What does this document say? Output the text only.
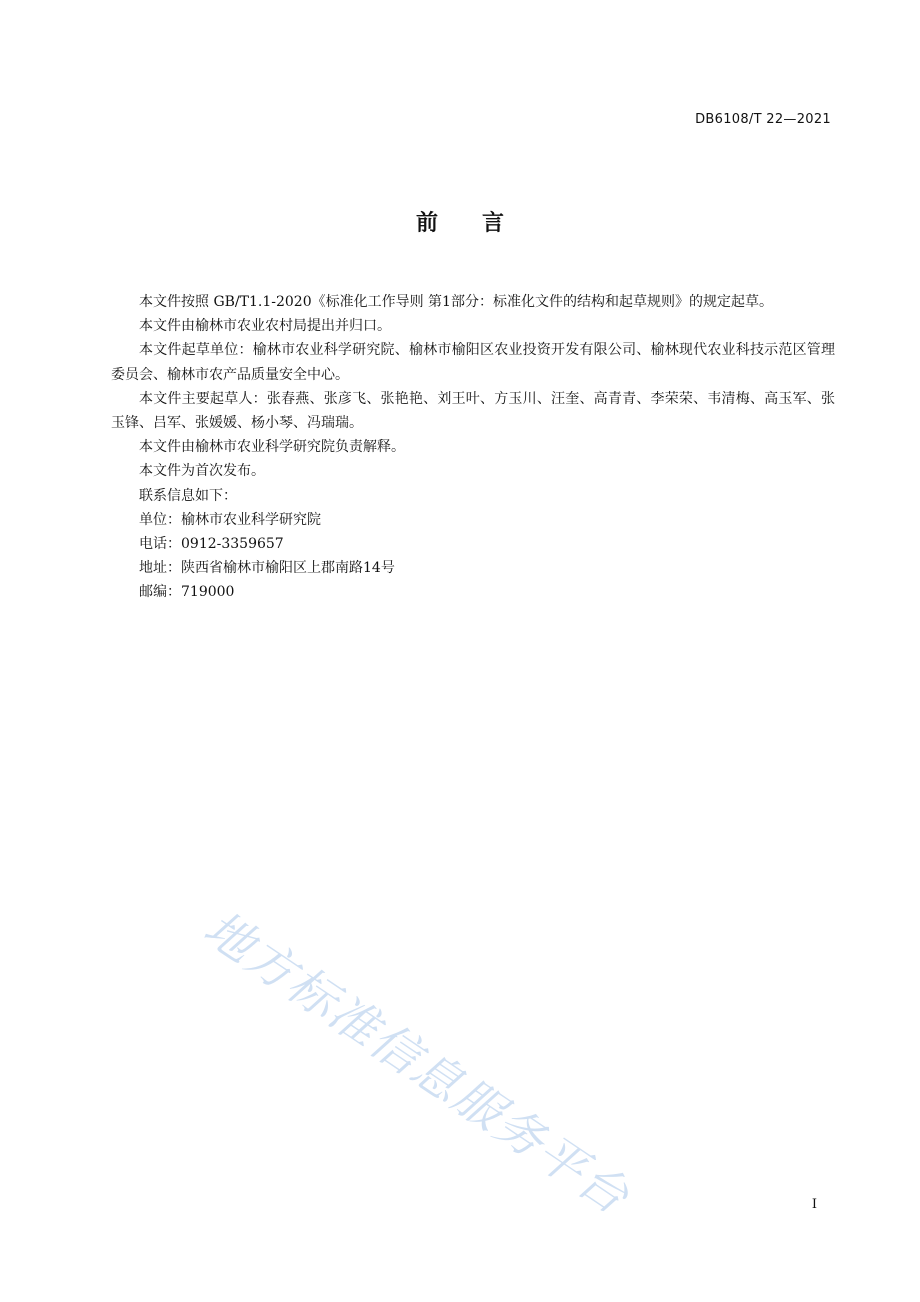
DB6108/T 22—2021
前言

本文件按照 GB/T1.1-2020《标准化工作导则 第1部分：标准化文件的结构和起草规则》的规定起草。

本文件由榆林市农业农村局提出并归口。

本文件起草单位：榆林市农业科学研究院、榆林市榆阳区农业投资开发有限公司、榆林现代农业科技示范区管理委员会、榆林市农产品质量安全中心。

本文件主要起草人：张春燕、张彦飞、张艳艳、刘王叶、方玉川、汪奎、高青青、李荣荣、韦清梅、高玉军、张玉锋、吕军、张媛媛、杨小琴、冯瑞瑞。

本文件由榆林市农业科学研究院负责解释。

本文件为首次发布。

联系信息如下：

单位：榆林市农业科学研究院

电话：0912-3359657

地址：陕西省榆林市榆阳区上郡南路14号

邮编：719000

地方标准信息服务平台	I
